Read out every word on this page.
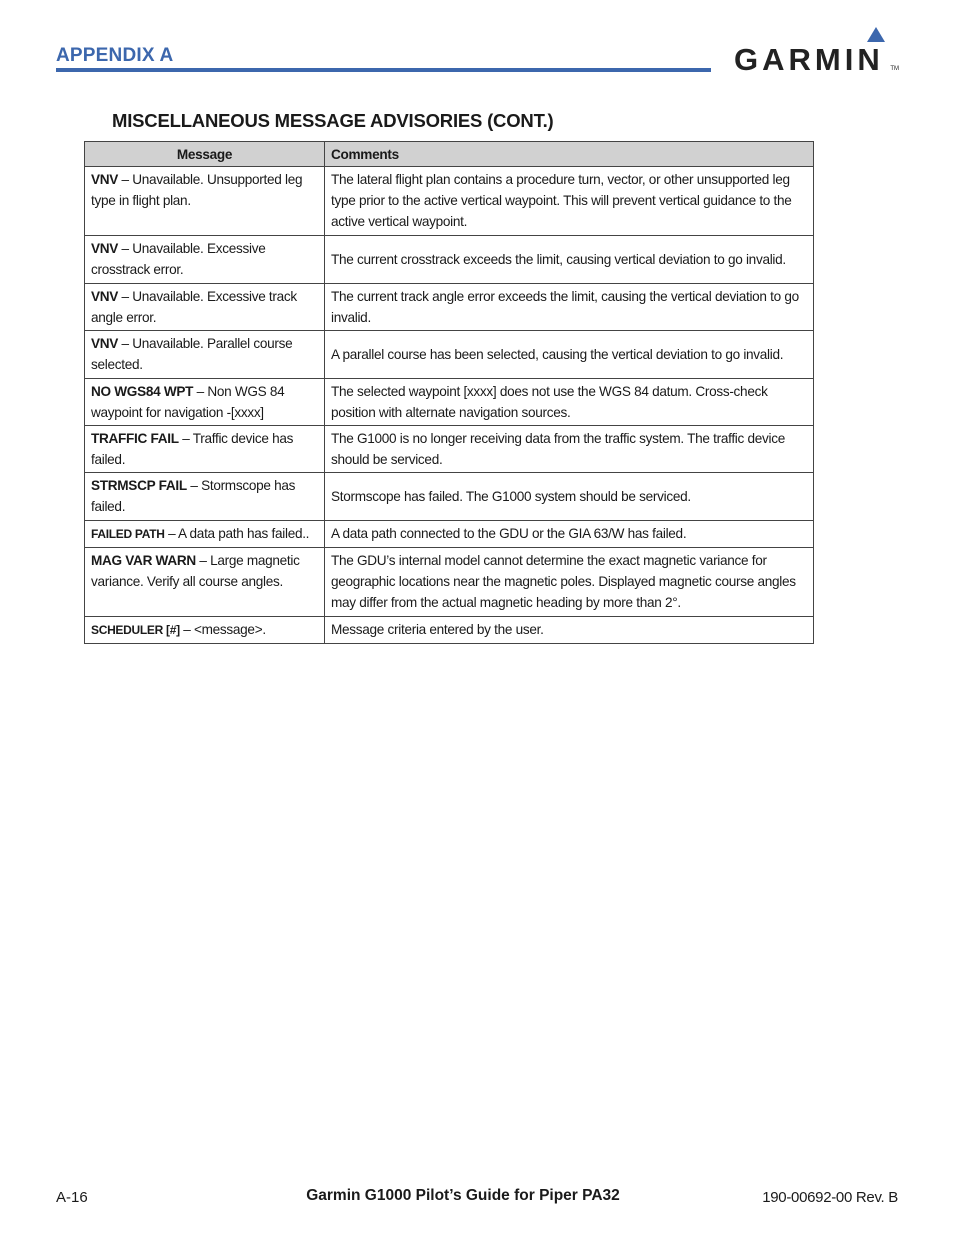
APPENDIX A	GARMIN TM
MISCELLANEOUS MESSAGE ADVISORIES (CONT.)
Message	Comments
VNV – Unavailable. Unsupported leg type in flight plan.	The lateral flight plan contains a procedure turn, vector, or other unsupported leg type prior to the active vertical waypoint. This will prevent vertical guidance to the active vertical waypoint.
VNV – Unavailable. Excessive crosstrack error.	The current crosstrack exceeds the limit, causing vertical deviation to go invalid.
VNV – Unavailable. Excessive track angle error.	The current track angle error exceeds the limit, causing the vertical deviation to go invalid.
VNV – Unavailable. Parallel course selected.	A parallel course has been selected, causing the vertical deviation to go invalid.
NO WGS84 WPT – Non WGS 84 waypoint for navigation -[xxxx]	The selected waypoint [xxxx] does not use the WGS 84 datum. Cross-check position with alternate navigation sources.
TRAFFIC FAIL – Traffic device has failed.	The G1000 is no longer receiving data from the traffic system. The traffic device should be serviced.
STRMSCP FAIL – Stormscope has failed.	Stormscope has failed. The G1000 system should be serviced.
FAILED PATH – A data path has failed..	A data path connected to the GDU or the GIA 63/W has failed.
MAG VAR WARN – Large magnetic variance. Verify all course angles.	The GDU’s internal model cannot determine the exact magnetic variance for geographic locations near the magnetic poles. Displayed magnetic course angles may differ from the actual magnetic heading by more than 2°.
SCHEDULER [#] – <message>.	Message criteria entered by the user.
A-16	Garmin G1000 Pilot’s Guide for Piper PA32	190-00692-00 Rev. B
